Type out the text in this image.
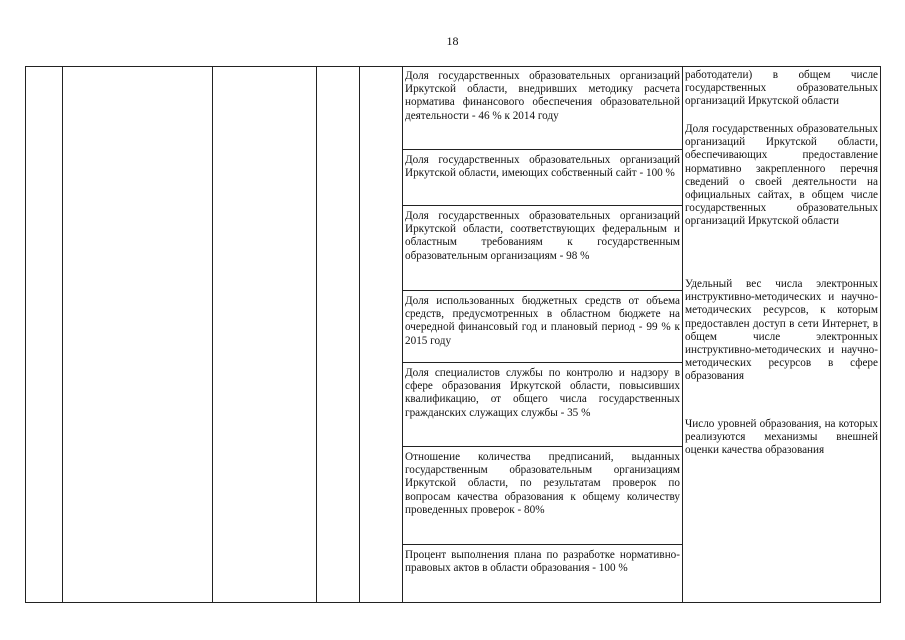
18
Доля государственных образовательных организаций Иркутской области, внедривших методику расчета норматива финансового обеспечения образовательной деятельности - 46 % к 2014 году
Доля государственных образовательных организаций Иркутской области, имеющих собственный сайт - 100 %
Доля государственных образовательных организаций Иркутской области, соответствующих федеральным и областным требованиям к государственным образовательным организациям - 98 %
Доля использованных бюджетных средств от объема средств, предусмотренных в областном бюджете на очередной финансовый год и плановый период - 99 % к 2015 году
Доля специалистов службы по контролю и надзору в сфере образования Иркутской области, повысивших квалификацию, от общего числа государственных гражданских служащих службы - 35 %
Отношение количества предписаний, выданных государственным образовательным организациям Иркутской области, по результатам проверок по вопросам качества образования к общему количеству проведенных проверок - 80%
Процент выполнения плана по разработке нормативно-правовых актов в области образования - 100 %
работодатели) в общем числе государственных образовательных организаций Иркутской области
Доля государственных образовательных организаций Иркутской области, обеспечивающих предоставление нормативно закрепленного перечня сведений о своей деятельности на официальных сайтах, в общем числе государственных образовательных организаций Иркутской области
Удельный вес числа электронных инструктивно-методических и научно-методических ресурсов, к которым предоставлен доступ в сети Интернет, в общем числе электронных инструктивно-методических и научно-методических ресурсов в сфере образования
Число уровней образования, на которых реализуются механизмы внешней оценки качества образования
